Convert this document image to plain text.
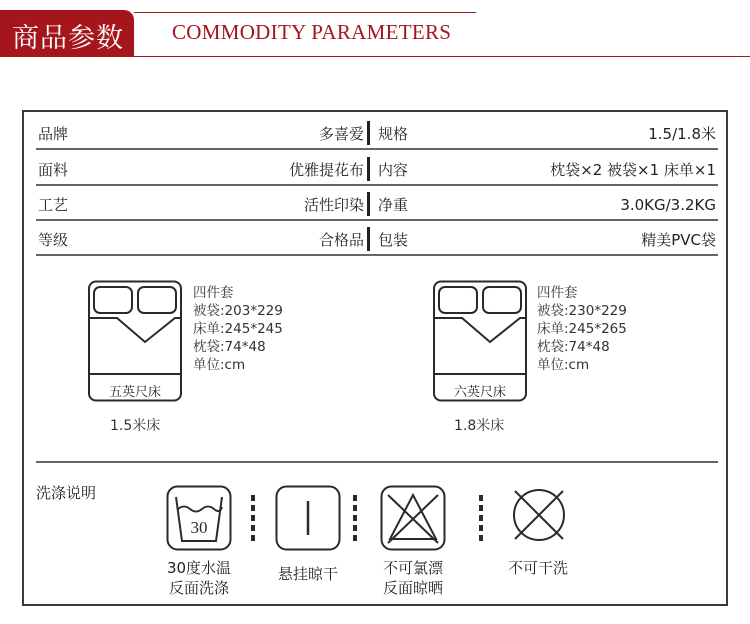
商品参数 COMMODITY PARAMETERS
品牌	多喜爱 规格	1.5/1.8米
面料	优雅提花布 内容	枕袋×2 被袋×1 床单×1
工艺	活性印染 净重	3.0KG/3.2KG
等级	合格品 包装	精美PVC袋
五英尺床
1.5米床
四件套
被袋:203*229
床单:245*245
枕袋:74*48
单位:cm
六英尺床
1.8米床
四件套
被袋:230*229
床单:245*265
枕袋:74*48
单位:cm
洗涤说明
30
30度水温
反面洗涤
悬挂晾干	不可氯漂
反面晾晒
不可干洗
